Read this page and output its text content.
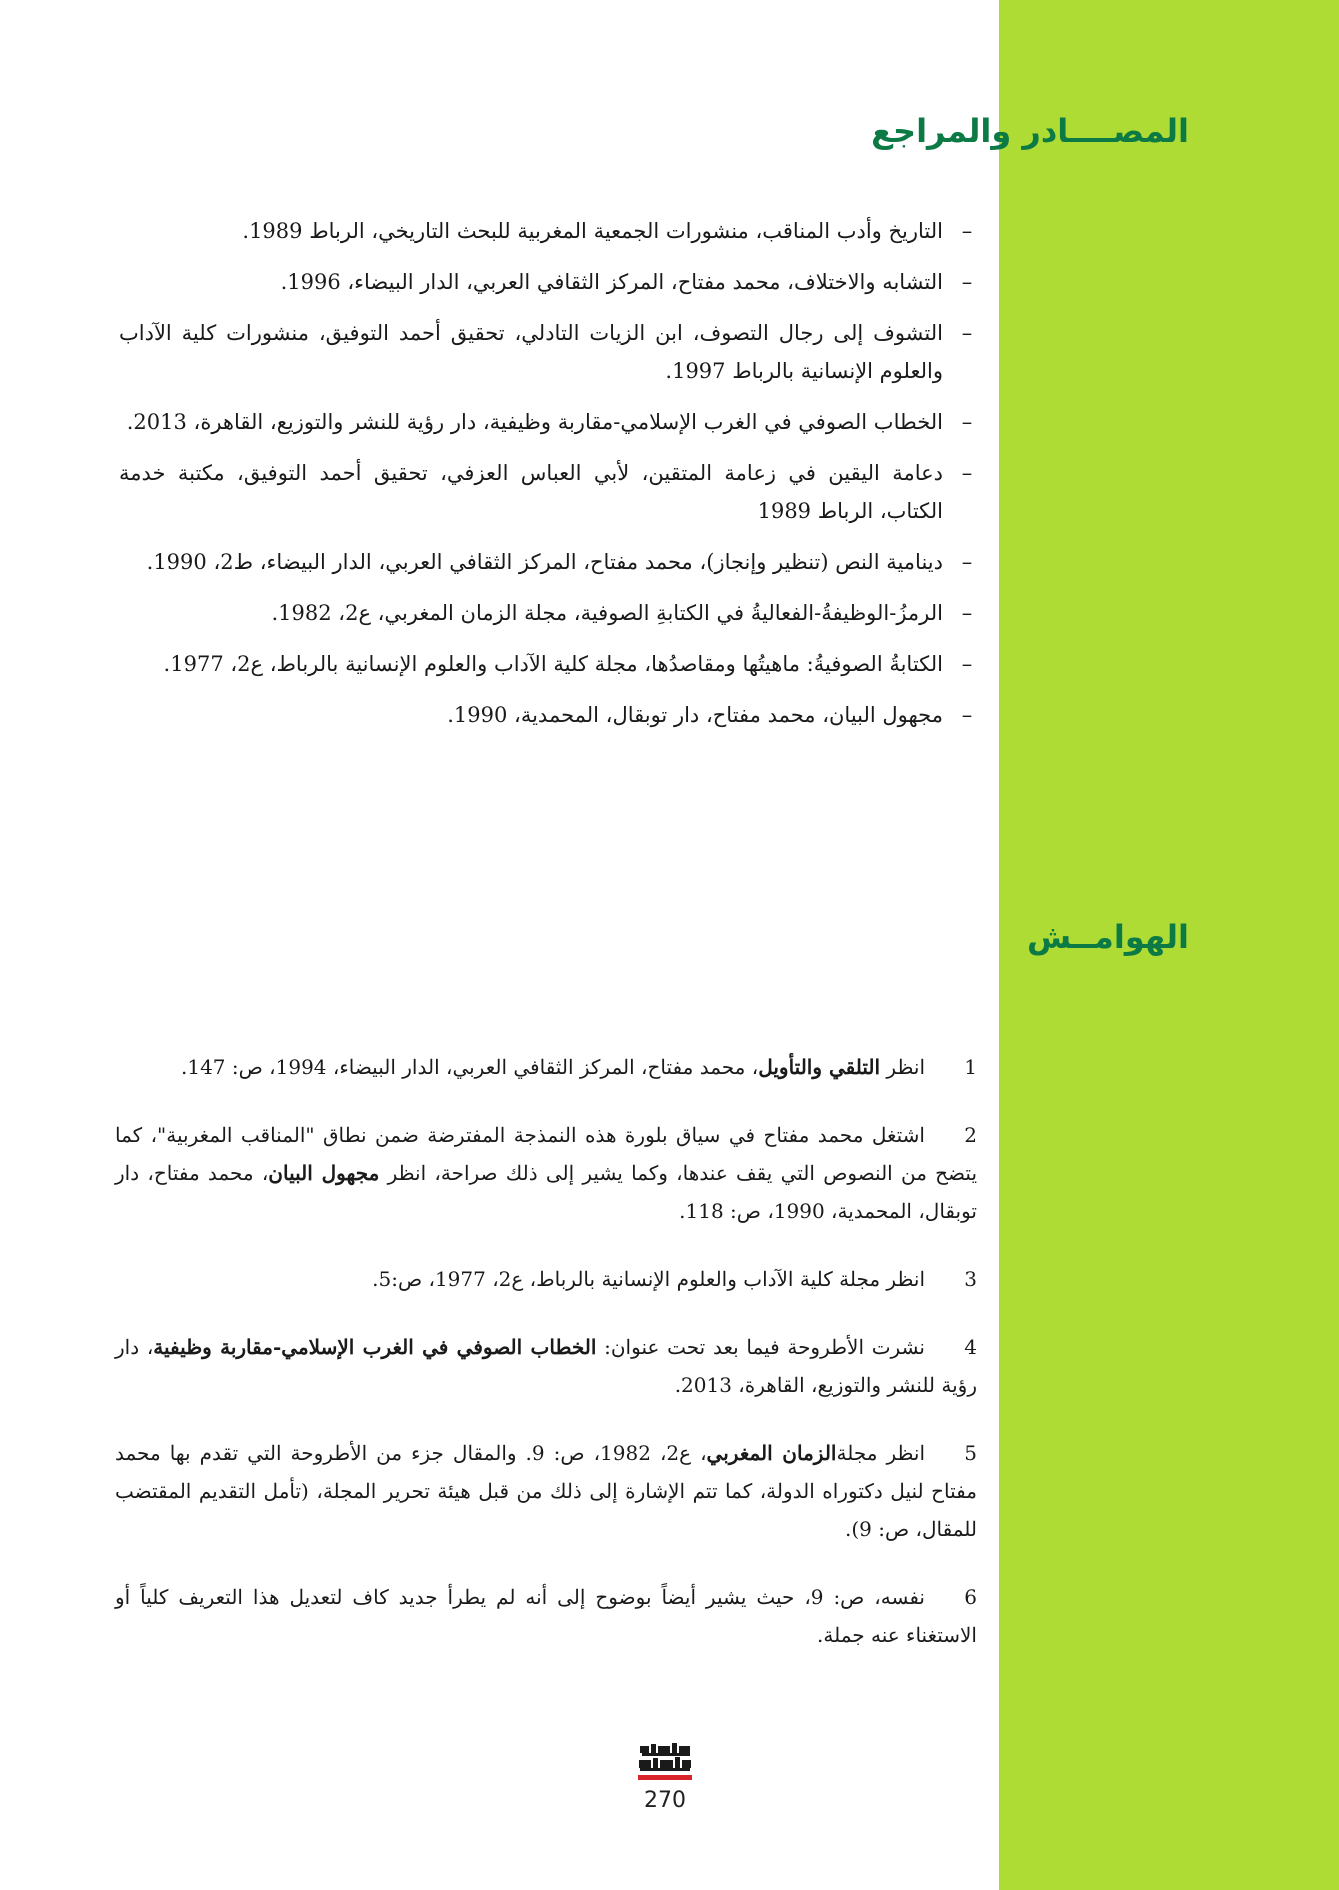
المصــــادر والمراجع
–
التاريخ وأدب المناقب، منشورات الجمعية المغربية للبحث التاريخي، الرباط 1989.
–
التشابه والاختلاف، محمد مفتاح، المركز الثقافي العربي، الدار البيضاء، 1996.
–
التشوف إلى رجال التصوف، ابن الزيات التادلي، تحقيق أحمد التوفيق، منشورات كلية الآداب والعلوم الإنسانية بالرباط 1997.
–
الخطاب الصوفي في الغرب الإسلامي-مقاربة وظيفية، دار رؤية للنشر والتوزيع، القاهرة، 2013.
–
دعامة اليقين في زعامة المتقين، لأبي العباس العزفي، تحقيق أحمد التوفيق، مكتبة خدمة الكتاب، الرباط 1989
–
دينامية النص (تنظير وإنجاز)، محمد مفتاح، المركز الثقافي العربي، الدار البيضاء، ط2، 1990.
–
الرمزُ-الوظيفةُ-الفعاليةُ في الكتابةِ الصوفية، مجلة الزمان المغربي، ع2، 1982.
–
الكتابةُ الصوفيةُ: ماهيتُها ومقاصدُها، مجلة كلية الآداب والعلوم الإنسانية بالرباط، ع2، 1977.
–
مجهول البيان، محمد مفتاح، دار توبقال، المحمدية، 1990.
الهوامــش

1انظر التلقي والتأويل، محمد مفتاح، المركز الثقافي العربي، الدار البيضاء، 1994، ص: 147.

2اشتغل محمد مفتاح في سياق بلورة هذه النمذجة المفترضة ضمن نطاق "المناقب المغربية"، كما يتضح من النصوص التي يقف عندها، وكما يشير إلى ذلك صراحة، انظر مجهول البيان، محمد مفتاح، دار توبقال، المحمدية، 1990، ص: 118.

3انظر مجلة كلية الآداب والعلوم الإنسانية بالرباط، ع2، 1977، ص:5.

4نشرت الأطروحة فيما بعد تحت عنوان: الخطاب الصوفي في الغرب الإسلامي-مقاربة وظيفية، دار رؤية للنشر والتوزيع، القاهرة، 2013.

5انظر مجلةالزمان المغربي، ع2، 1982، ص: 9. والمقال جزء من الأطروحة التي تقدم بها محمد مفتاح لنيل دكتوراه الدولة، كما تتم الإشارة إلى ذلك من قبل هيئة تحرير المجلة، (تأمل التقديم المقتضب للمقال، ص: 9).

6نفسه، ص: 9، حيث يشير أيضاً بوضوح إلى أنه لم يطرأ جديد كاف لتعديل هذا التعريف كلياً أو الاستغناء عنه جملة.

270
